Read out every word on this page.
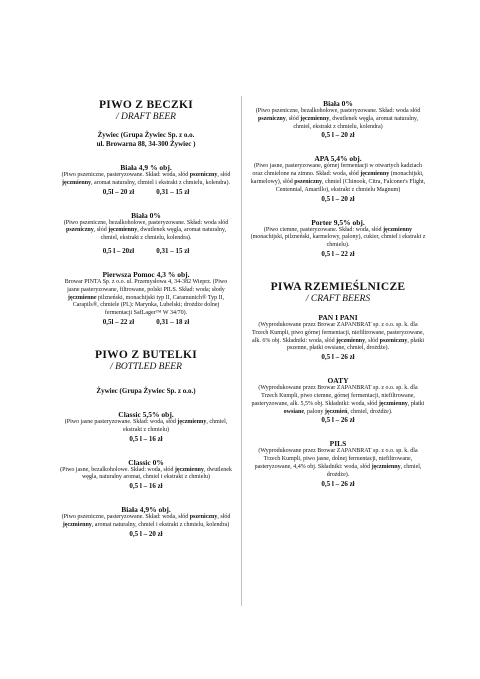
PIWO Z BECZKI
/ DRAFT BEER
Żywiec (Grupa Żywiec Sp. z o.o.
ul. Browarna 88, 34-300 Żywiec )
Biała 4,9 % obj.
(Piwo pszeniczne, pasteryzowane. Skład: woda, słód pszeniczny, słód jęczmienny, aromat naturalny, chmiel i ekstrakt z chmielu, kolendra).
0,5l – 20 zł	0,31 – 15 zł
Biała 0%
(Piwo pszeniczne, bezalkoholowe, pasteryzowane. Skład: woda słód pszeniczny, słód jęczmienny, dwutlenek węgla, aromat naturalny, chmiel, ekstrakt z chmielu, kolendra).
0,5 l – 20zł	0,31 – 15 zł
Pierwsza Pomoc 4,3 % obj.
Browar PINTA Sp. z o.o. ul. Przemysłowa 4, 34-382 Wieprz. (Piwo jasne pasteryzowane, filtrowane, polski PILS. Skład: woda; słody jęczmienne pilzneński, monachijski typ II, Caramunich® Typ II, Carapils®, chmiele (PL): Marynka, Lubelski; drożdże dolnej fermentacji SafLager™ W 34/70).
0,5l – 22 zł	0,31 – 18 zł
PIWO Z BUTELKI
/ BOTTLED BEER
Żywiec (Grupa Żywiec Sp. z o.o.)
Classic 5,5% obj.
(Piwo jasne pasteryzowane. Skład: woda, słód jęczmienny, chmiel, ekstrakt z chmielu)
0,5 l – 16 zł
Classic 0%
(Piwo jasne, bezalkoholowe. Skład: woda, słód jęczmienny, dwutlenek węgla, naturalny aromat, chmiel i ekstrakt z chmielu)
0,5 l – 16 zł
Biała 4,9% obj.
(Piwo pszeniczne, pasteryzowane. Skład: woda, słód pszeniczny, słód jęczmienny, aromat naturalny, chmiel i ekstrakt z chmielu, kolendra)
0,5 l – 20 zł
Biała 0%
(Piwo pszeniczne, bezalkoholowe, pasteryzowane. Skład: woda słód pszeniczny, słód jęczmienny, dwutlenek węgla, aromat naturalny, chmiel, ekstrakt z chmielu, kolendra)
0,5 l – 20 zł
APA 5,4% obj.
(Piwo jasne, pasteryzowane, górnej fermentacji w otwartych kadziach oraz chmielone na zimno. Skład: woda, słód jęczmienny (monachijski, karmelowy), słód pszeniczny, chmiel (Chinook, Citra, Falconer's Flight, Centennial, Amarillo), ekstrakt z chmielu Magnum)
0,5 l – 20 zł
Porter 9,5% obj.
(Piwo ciemne, pasteryzowane. Skład: woda, słód jęczmienny (monachijski, pilzneński, karmelowy, palony), cukier, chmiel i ekstrakt z chmielu).
0,5 l – 22 zł
PIWA RZEMIEŚLNICZE
/ CRAFT BEERS
PAN I PANI
(Wyprodukowane przez Browar ZAPANBRAT sp. z o.o. sp. k. dla Trzech Kumpli, piwo górnej fermentacji, niefiltrowane, pasteryzowane, alk. 6% obj. Składniki: woda, słód jęczmienny, słód pszeniczny, płatki pszenne, płatki owsiane, chmiel, drożdże).
0,5 l – 26 zł
OATY
(Wyprodukowane przez Browar ZAPANBRAT sp. z o.o. sp. k. dla Trzech Kumpli, piwo ciemne, górnej fermentacji, niefiltrowane, pasteryzowane, alk. 5,5% obj. Składniki: woda, słód jęczmienny, płatki owsiane, palony jęczmień, chmiel, drożdże).
0,5 l – 26 zł
PILS
(Wyprodukowane przez Browar ZAPANBRAT sp. z o.o. sp. k. dla Trzech Kumpli, piwo jasne, dolnej fermentacji, niefiltrowane, pasteryzowane, 4,4% obj. Składniki: woda, słód jęczmienny, chmiel, drożdże).
0,5 l – 26 zł
